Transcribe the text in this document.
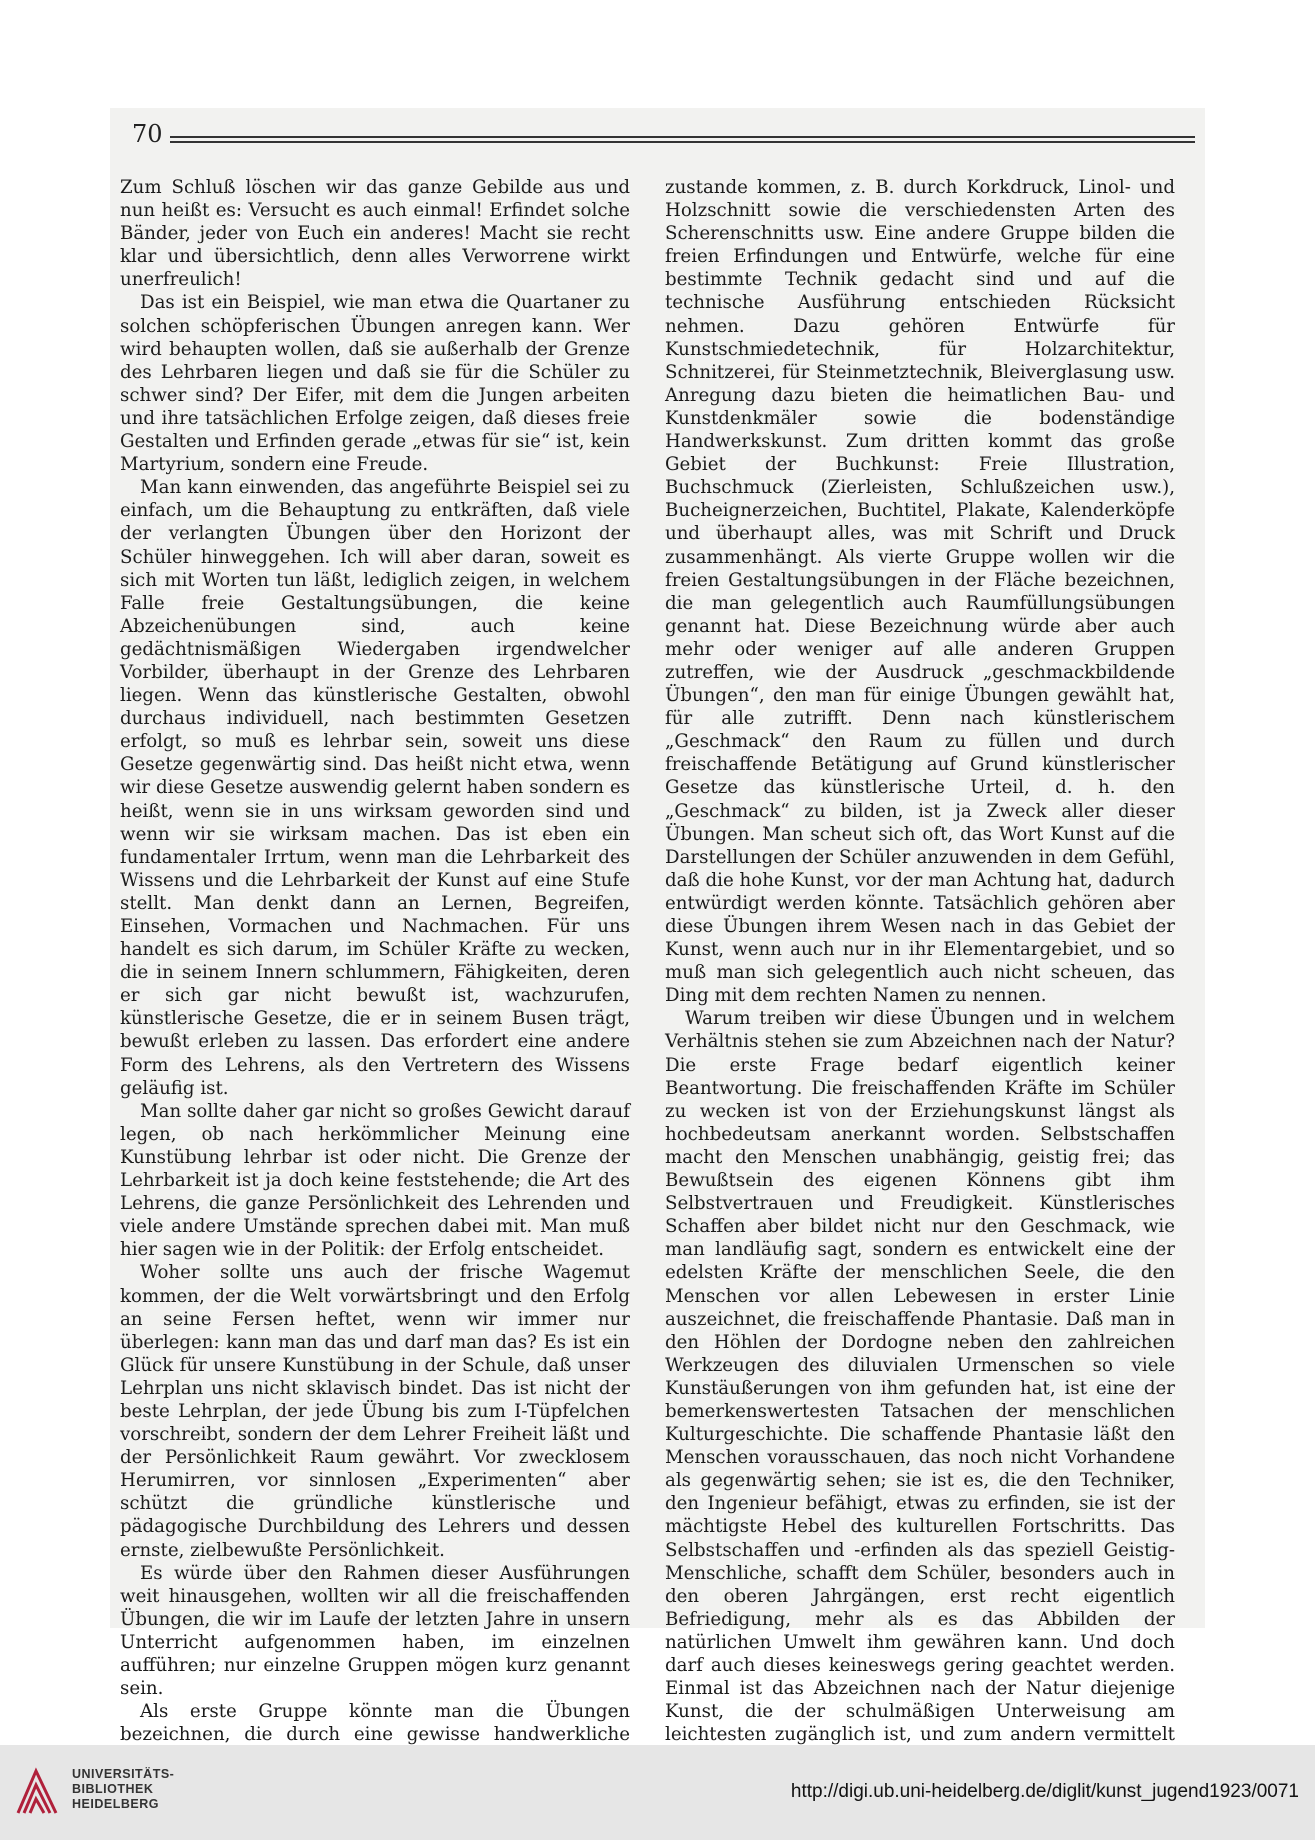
70

Zum Schluß löschen wir das ganze Gebilde aus und nun heißt es: Versucht es auch einmal! Erfindet solche Bänder, jeder von Euch ein anderes! Macht sie recht klar und übersichtlich, denn alles Verworrene wirkt unerfreulich!

Das ist ein Beispiel, wie man etwa die Quartaner zu solchen schöpferischen Übungen anregen kann. Wer wird behaupten wollen, daß sie außerhalb der Grenze des Lehrbaren liegen und daß sie für die Schüler zu schwer sind? Der Eifer, mit dem die Jungen arbeiten und ihre tatsächlichen Erfolge zeigen, daß dieses freie Gestalten und Erfinden gerade „etwas für sie“ ist, kein Martyrium, sondern eine Freude.

Man kann einwenden, das angeführte Beispiel sei zu einfach, um die Behauptung zu entkräften, daß viele der verlangten Übungen über den Horizont der Schüler hinweggehen. Ich will aber daran, soweit es sich mit Worten tun läßt, lediglich zeigen, in welchem Falle freie Gestaltungsübungen, die keine Abzeichenübungen sind, auch keine gedächtnismäßigen Wiedergaben irgendwelcher Vorbilder, überhaupt in der Grenze des Lehrbaren liegen. Wenn das künstlerische Gestalten, obwohl durchaus individuell, nach bestimmten Gesetzen erfolgt, so muß es lehrbar sein, soweit uns diese Gesetze gegenwärtig sind. Das heißt nicht etwa, wenn wir diese Gesetze auswendig gelernt haben sondern es heißt, wenn sie in uns wirksam geworden sind und wenn wir sie wirksam machen. Das ist eben ein fundamentaler Irrtum, wenn man die Lehrbarkeit des Wissens und die Lehrbarkeit der Kunst auf eine Stufe stellt. Man denkt dann an Lernen, Begreifen, Einsehen, Vormachen und Nachmachen. Für uns handelt es sich darum, im Schüler Kräfte zu wecken, die in seinem Innern schlummern, Fähigkeiten, deren er sich gar nicht bewußt ist, wachzurufen, künstlerische Gesetze, die er in seinem Busen trägt, bewußt erleben zu lassen. Das erfordert eine andere Form des Lehrens, als den Vertretern des Wissens geläufig ist.

Man sollte daher gar nicht so großes Gewicht darauf legen, ob nach herkömmlicher Meinung eine Kunstübung lehrbar ist oder nicht. Die Grenze der Lehrbarkeit ist ja doch keine feststehende; die Art des Lehrens, die ganze Persönlichkeit des Lehrenden und viele andere Umstände sprechen dabei mit. Man muß hier sagen wie in der Politik: der Erfolg entscheidet.

Woher sollte uns auch der frische Wagemut kommen, der die Welt vorwärtsbringt und den Erfolg an seine Fersen heftet, wenn wir immer nur überlegen: kann man das und darf man das? Es ist ein Glück für unsere Kunstübung in der Schule, daß unser Lehrplan uns nicht sklavisch bindet. Das ist nicht der beste Lehrplan, der jede Übung bis zum I-Tüpfelchen vorschreibt, sondern der dem Lehrer Freiheit läßt und der Persönlichkeit Raum gewährt. Vor zwecklosem Herumirren, vor sinnlosen „Experimenten“ aber schützt die gründliche künstlerische und pädagogische Durchbildung des Lehrers und dessen ernste, zielbewußte Persönlichkeit.

Es würde über den Rahmen dieser Ausführungen weit hinausgehen, wollten wir all die freischaffenden Übungen, die wir im Laufe der letzten Jahre in unsern Unterricht aufgenommen haben, im einzelnen aufführen; nur einzelne Gruppen mögen kurz genannt sein.

Als erste Gruppe könnte man die Übungen bezeichnen, die durch eine gewisse handwerkliche

zustande kommen, z. B. durch Korkdruck, Linol- und Holzschnitt sowie die verschiedensten Arten des Scherenschnitts usw. Eine andere Gruppe bilden die freien Erfindungen und Entwürfe, welche für eine bestimmte Technik gedacht sind und auf die technische Ausführung entschieden Rücksicht nehmen. Dazu gehören Entwürfe für Kunstschmiedetechnik, für Holzarchitektur, Schnitzerei, für Steinmetztechnik, Bleiverglasung usw. Anregung dazu bieten die heimatlichen Bau- und Kunstdenkmäler sowie die bodenständige Handwerkskunst. Zum dritten kommt das große Gebiet der Buchkunst: Freie Illustration, Buchschmuck (Zierleisten, Schlußzeichen usw.), Bucheignerzeichen, Buchtitel, Plakate, Kalenderköpfe und überhaupt alles, was mit Schrift und Druck zusammenhängt. Als vierte Gruppe wollen wir die freien Gestaltungsübungen in der Fläche bezeichnen, die man gelegentlich auch Raumfüllungsübungen genannt hat. Diese Bezeichnung würde aber auch mehr oder weniger auf alle anderen Gruppen zutreffen, wie der Ausdruck „geschmackbildende Übungen“, den man für einige Übungen gewählt hat, für alle zutrifft. Denn nach künstlerischem „Geschmack“ den Raum zu füllen und durch freischaffende Betätigung auf Grund künstlerischer Gesetze das künstlerische Urteil, d. h. den „Geschmack“ zu bilden, ist ja Zweck aller dieser Übungen. Man scheut sich oft, das Wort Kunst auf die Darstellungen der Schüler anzuwenden in dem Gefühl, daß die hohe Kunst, vor der man Achtung hat, dadurch entwürdigt werden könnte. Tatsächlich gehören aber diese Übungen ihrem Wesen nach in das Gebiet der Kunst, wenn auch nur in ihr Elementargebiet, und so muß man sich gelegentlich auch nicht scheuen, das Ding mit dem rechten Namen zu nennen.

Warum treiben wir diese Übungen und in welchem Verhältnis stehen sie zum Abzeichnen nach der Natur? Die erste Frage bedarf eigentlich keiner Beantwortung. Die freischaffenden Kräfte im Schüler zu wecken ist von der Erziehungskunst längst als hochbedeutsam anerkannt worden. Selbstschaffen macht den Menschen unabhängig, geistig frei; das Bewußtsein des eigenen Könnens gibt ihm Selbstvertrauen und Freudigkeit. Künstlerisches Schaffen aber bildet nicht nur den Geschmack, wie man landläufig sagt, sondern es entwickelt eine der edelsten Kräfte der menschlichen Seele, die den Menschen vor allen Lebewesen in erster Linie auszeichnet, die freischaffende Phantasie. Daß man in den Höhlen der Dordogne neben den zahlreichen Werkzeugen des diluvialen Urmenschen so viele Kunstäußerungen von ihm gefunden hat, ist eine der bemerkenswertesten Tatsachen der menschlichen Kulturgeschichte. Die schaffende Phantasie läßt den Menschen vorausschauen, das noch nicht Vorhandene als gegenwärtig sehen; sie ist es, die den Techniker, den Ingenieur befähigt, etwas zu erfinden, sie ist der mächtigste Hebel des kulturellen Fortschritts. Das Selbstschaffen und -erfinden als das speziell Geistig-Menschliche, schafft dem Schüler, besonders auch in den oberen Jahrgängen, erst recht eigentlich Befriedigung, mehr als es das Abbilden der natürlichen Umwelt ihm gewähren kann. Und doch darf auch dieses keineswegs gering geachtet werden. Einmal ist das Abzeichnen nach der Natur diejenige Kunst, die der schulmäßigen Unterweisung am leichtesten zugänglich ist, und zum andern vermittelt

UNIVERSITÄTS-
BIBLIOTHEK
HEIDELBERG
http://digi.ub.uni-heidelberg.de/diglit/kunst_jugend1923/0071
